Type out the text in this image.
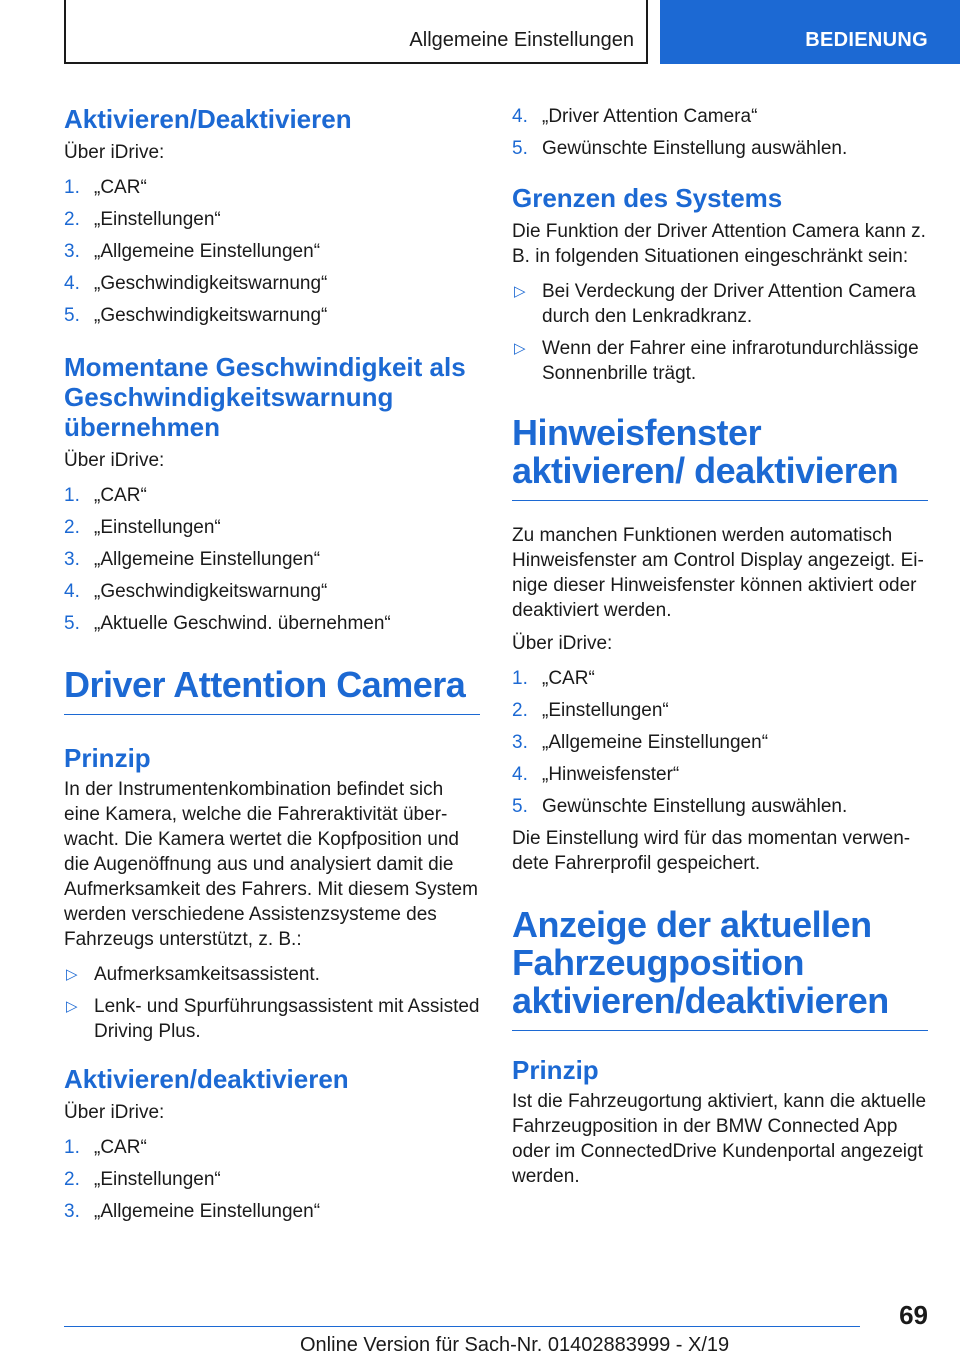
Allgemeine Einstellungen	BEDIENUNG
Aktivieren/Deaktivieren

Über iDrive:

1. „CAR“
2. „Einstellungen“
3. „Allgemeine Einstellungen“
4. „Geschwindigkeitswarnung“
5. „Geschwindigkeitswarnung“
Momentane Geschwindigkeit als Geschwindigkeitswarnung übernehmen

Über iDrive:

1. „CAR“
2. „Einstellungen“
3. „Allgemeine Einstellungen“
4. „Geschwindigkeitswarnung“
5. „Aktuelle Geschwind. übernehmen“
Driver Attention Camera
Prinzip

In der Instrumentenkombination befindet sich eine Kamera, welche die Fahreraktivität überwacht. Die Kamera wertet die Kopfposition und die Augenöffnung aus und analysiert damit die Aufmerksamkeit des Fahrers. Mit diesem System werden verschiedene Assistenzsysteme des Fahrzeugs unterstützt, z. B.:

▷ Aufmerksamkeitsassistent.
▷ Lenk- und Spurführungsassistent mit Assisted Driving Plus.
Aktivieren/deaktivieren

Über iDrive:

1. „CAR“
2. „Einstellungen“
3. „Allgemeine Einstellungen“
4. „Driver Attention Camera“
5. Gewünschte Einstellung auswählen.
Grenzen des Systems

Die Funktion der Driver Attention Camera kann z. B. in folgenden Situationen eingeschränkt sein:

▷ Bei Verdeckung der Driver Attention Camera durch den Lenkradkranz.
▷ Wenn der Fahrer eine infrarotundurchlässige Sonnenbrille trägt.
Hinweisfenster aktivieren/ deaktivieren

Zu manchen Funktionen werden automatisch Hinweisfenster am Control Display angezeigt. Einige dieser Hinweisfenster können aktiviert oder deaktiviert werden.

Über iDrive:

1. „CAR“
2. „Einstellungen“
3. „Allgemeine Einstellungen“
4. „Hinweisfenster“
5. Gewünschte Einstellung auswählen.

Die Einstellung wird für das momentan verwendete Fahrerprofil gespeichert.

Anzeige der aktuellen Fahrzeugposition aktivieren/deaktivieren
Prinzip

Ist die Fahrzeugortung aktiviert, kann die aktuelle Fahrzeugposition in der BMW Connected App oder im ConnectedDrive Kundenportal angezeigt werden.

69
Online Version für Sach-Nr. 01402883999 - X/19
